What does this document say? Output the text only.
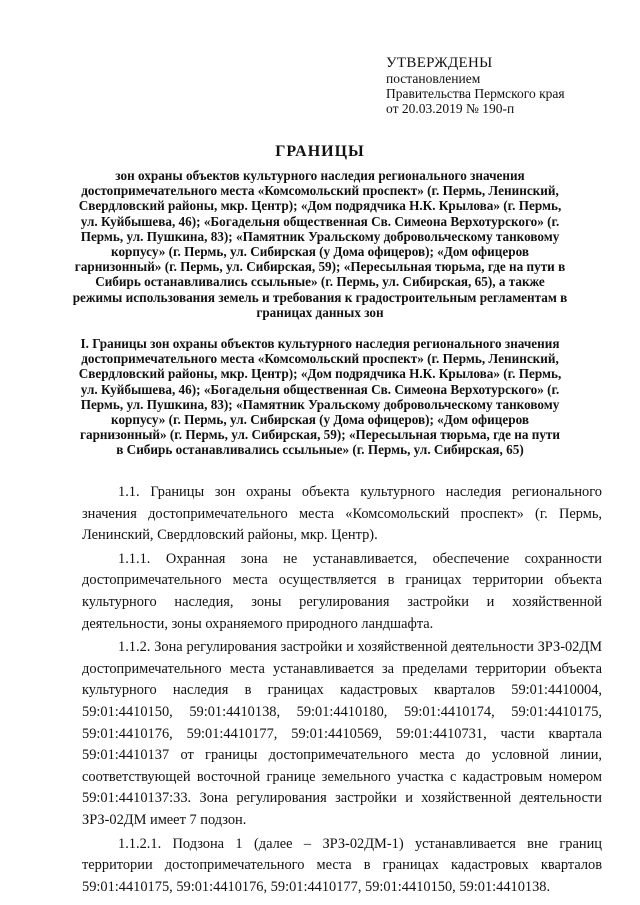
УТВЕРЖДЕНЫ
постановлением
Правительства Пермского края
от 20.03.2019 № 190-п
ГРАНИЦЫ
зон охраны объектов культурного наследия регионального значения достопримечательного места «Комсомольский проспект» (г. Пермь, Ленинский, Свердловский районы, мкр. Центр); «Дом подрядчика Н.К. Крылова» (г. Пермь, ул. Куйбышева, 46); «Богадельня общественная Св. Симеона Верхотурского» (г. Пермь, ул. Пушкина, 83); «Памятник Уральскому добровольческому танковому корпусу» (г. Пермь, ул. Сибирская (у Дома офицеров); «Дом офицеров гарнизонный» (г. Пермь, ул. Сибирская, 59); «Пересыльная тюрьма, где на пути в Сибирь останавливались ссыльные» (г. Пермь, ул. Сибирская, 65), а также режимы использования земель и требования к градостроительным регламентам в границах данных зон
I. Границы зон охраны объектов культурного наследия регионального значения достопримечательного места «Комсомольский проспект» (г. Пермь, Ленинский, Свердловский районы, мкр. Центр); «Дом подрядчика Н.К. Крылова» (г. Пермь, ул. Куйбышева, 46); «Богадельня общественная Св. Симеона Верхотурского» (г. Пермь, ул. Пушкина, 83); «Памятник Уральскому добровольческому танковому корпусу» (г. Пермь, ул. Сибирская (у Дома офицеров); «Дом офицеров гарнизонный» (г. Пермь, ул. Сибирская, 59); «Пересыльная тюрьма, где на пути в Сибирь останавливались ссыльные» (г. Пермь, ул. Сибирская, 65)

1.1. Границы зон охраны объекта культурного наследия регионального значения достопримечательного места «Комсомольский проспект» (г. Пермь, Ленинский, Свердловский районы, мкр. Центр).

1.1.1. Охранная зона не устанавливается, обеспечение сохранности достопримечательного места осуществляется в границах территории объекта культурного наследия, зоны регулирования застройки и хозяйственной деятельности, зоны охраняемого природного ландшафта.

1.1.2. Зона регулирования застройки и хозяйственной деятельности ЗРЗ-02ДМ достопримечательного места устанавливается за пределами территории объекта культурного наследия в границах кадастровых кварталов 59:01:4410004, 59:01:4410150, 59:01:4410138, 59:01:4410180, 59:01:4410174, 59:01:4410175, 59:01:4410176, 59:01:4410177, 59:01:4410569, 59:01:4410731, части квартала 59:01:4410137 от границы достопримечательного места до условной линии, соответствующей восточной границе земельного участка с кадастровым номером 59:01:4410137:33. Зона регулирования застройки и хозяйственной деятельности ЗРЗ-02ДМ имеет 7 подзон.

1.1.2.1. Подзона 1 (далее – ЗРЗ-02ДМ-1) устанавливается вне границ территории достопримечательного места в границах кадастровых кварталов 59:01:4410175, 59:01:4410176, 59:01:4410177, 59:01:4410150, 59:01:4410138.
